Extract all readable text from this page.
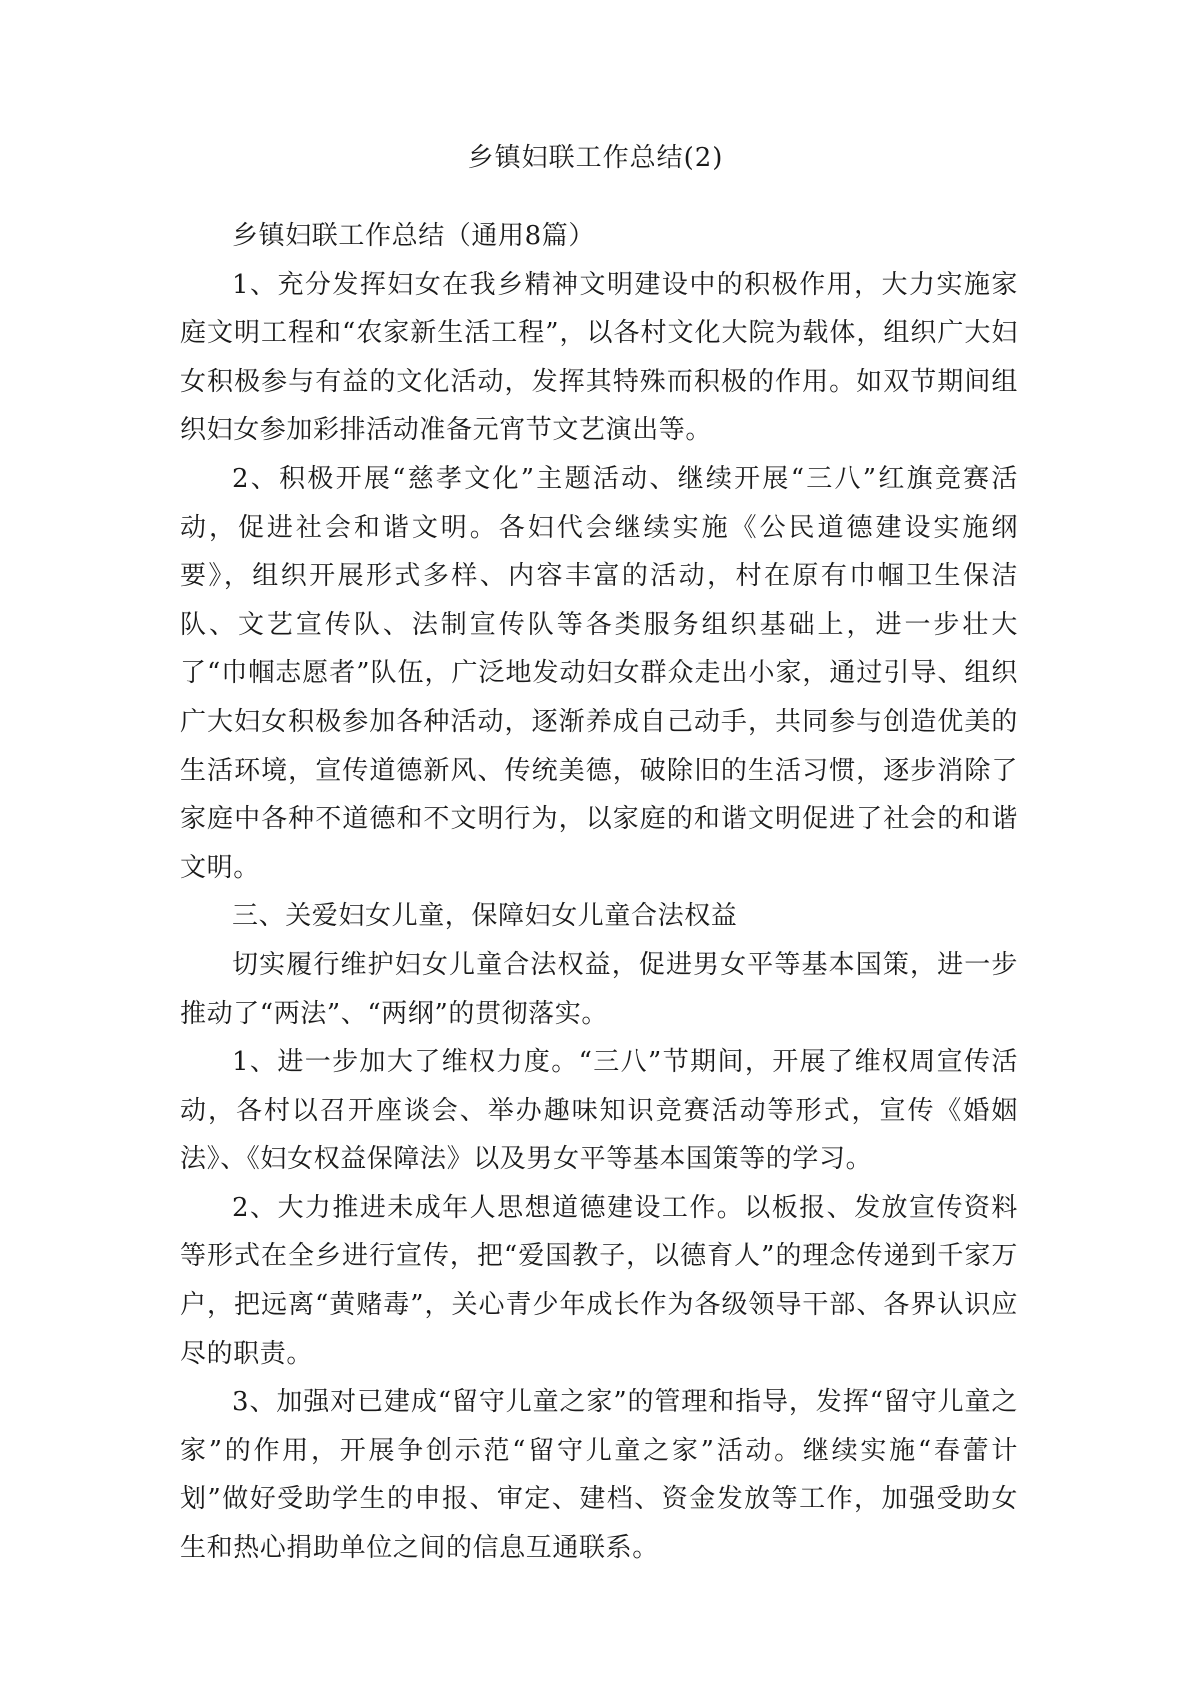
乡镇妇联工作总结(2)

乡镇妇联工作总结（通用8篇）

1、充分发挥妇女在我乡精神文明建设中的积极作用，大力实施家庭文明工程和“农家新生活工程”，以各村文化大院为载体，组织广大妇女积极参与有益的文化活动，发挥其特殊而积极的作用。如双节期间组织妇女参加彩排活动准备元宵节文艺演出等。

2、积极开展“慈孝文化”主题活动、继续开展“三八”红旗竞赛活动，促进社会和谐文明。各妇代会继续实施《公民道德建设实施纲要》，组织开展形式多样、内容丰富的活动，村在原有巾帼卫生保洁队、文艺宣传队、法制宣传队等各类服务组织基础上，进一步壮大了“巾帼志愿者”队伍，广泛地发动妇女群众走出小家，通过引导、组织广大妇女积极参加各种活动，逐渐养成自己动手，共同参与创造优美的生活环境，宣传道德新风、传统美德，破除旧的生活习惯，逐步消除了家庭中各种不道德和不文明行为，以家庭的和谐文明促进了社会的和谐文明。

三、关爱妇女儿童，保障妇女儿童合法权益

切实履行维护妇女儿童合法权益，促进男女平等基本国策，进一步推动了“两法”、“两纲”的贯彻落实。

1、进一步加大了维权力度。“三八”节期间，开展了维权周宣传活动，各村以召开座谈会、举办趣味知识竞赛活动等形式，宣传《婚姻法》、《妇女权益保障法》以及男女平等基本国策等的学习。

2、大力推进未成年人思想道德建设工作。以板报、发放宣传资料等形式在全乡进行宣传，把“爱国教子，以德育人”的理念传递到千家万户，把远离“黄赌毒”，关心青少年成长作为各级领导干部、各界认识应尽的职责。

3、加强对已建成“留守儿童之家”的管理和指导，发挥“留守儿童之家”的作用，开展争创示范“留守儿童之家”活动。继续实施“春蕾计划”做好受助学生的申报、审定、建档、资金发放等工作，加强受助女生和热心捐助单位之间的信息互通联系。
